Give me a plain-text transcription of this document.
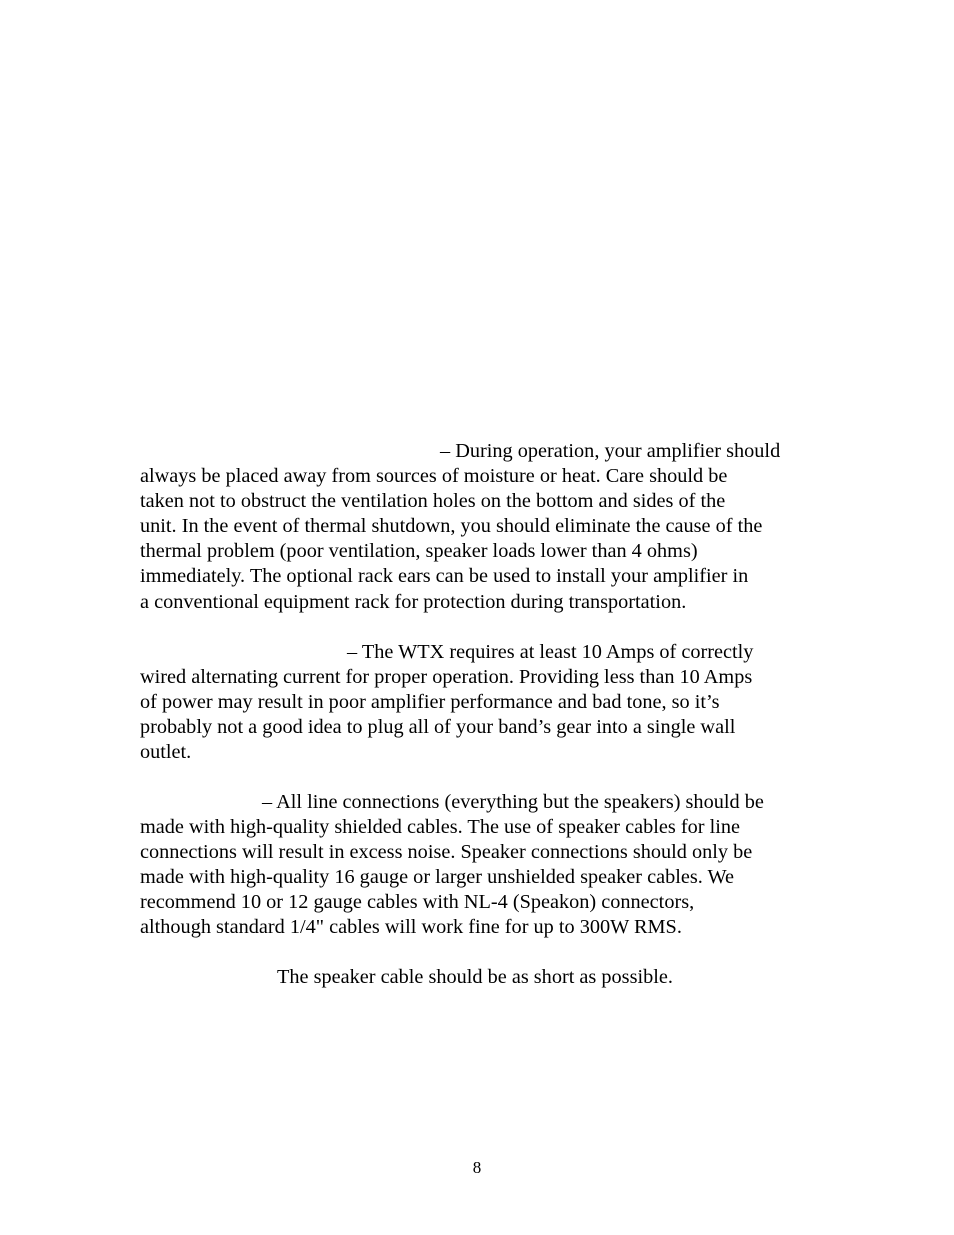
– During operation, your amplifier should
always be placed away from sources of moisture or heat. Care should be
taken not to obstruct the ventilation holes on the bottom and sides of the
unit. In the event of thermal shutdown, you should eliminate the cause of the
thermal problem (poor ventilation, speaker loads lower than 4 ohms)
immediately. The optional rack ears can be used to install your amplifier in
a conventional equipment rack for protection during transportation.

– The WTX requires at least 10 Amps of correctly
wired alternating current for proper operation. Providing less than 10 Amps
of power may result in poor amplifier performance and bad tone, so it’s
probably not a good idea to plug all of your band’s gear into a single wall
outlet.

– All line connections (everything but the speakers) should be
made with high-quality shielded cables. The use of speaker cables for line
connections will result in excess noise. Speaker connections should only be
made with high-quality 16 gauge or larger unshielded speaker cables. We
recommend 10 or 12 gauge cables with NL-4 (Speakon) connectors,
although standard 1/4" cables will work fine for up to 300W RMS.

The speaker cable should be as short as possible.

8
